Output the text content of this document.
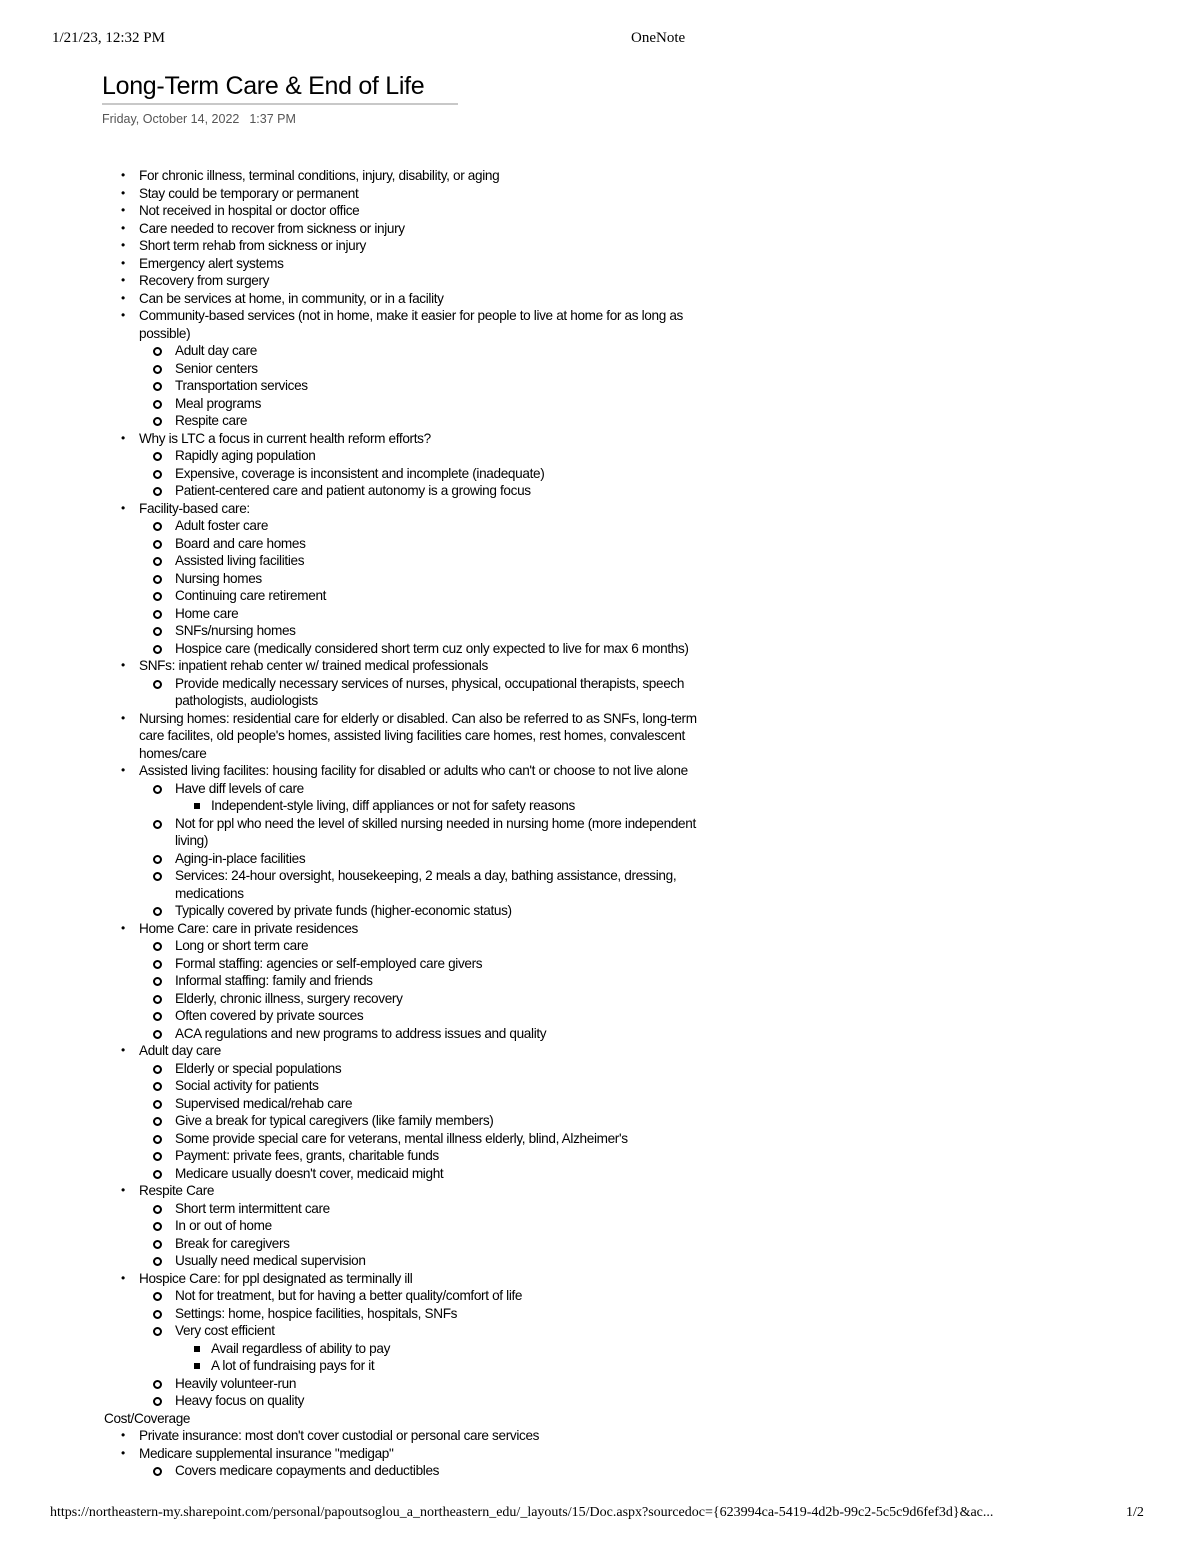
1/21/23, 12:32 PM	OneNote
Long-Term Care & End of Life
Friday, October 14, 2022 1:37 PM
• For chronic illness, terminal conditions, injury, disability, or aging
• Stay could be temporary or permanent
• Not received in hospital or doctor office
• Care needed to recover from sickness or injury
• Short term rehab from sickness or injury
• Emergency alert systems
• Recovery from surgery
• Can be services at home, in community, or in a facility
• Community-based services (not in home, make it easier for people to live at home for as long as possible)
Adult day care
Senior centers
Transportation services
Meal programs
Respite care
• Why is LTC a focus in current health reform efforts?
Rapidly aging population
Expensive, coverage is inconsistent and incomplete (inadequate)
Patient-centered care and patient autonomy is a growing focus
• Facility-based care:
Adult foster care
Board and care homes
Assisted living facilities
Nursing homes
Continuing care retirement
Home care
SNFs/nursing homes
Hospice care (medically considered short term cuz only expected to live for max 6 months)
• SNFs: inpatient rehab center w/ trained medical professionals
Provide medically necessary services of nurses, physical, occupational therapists, speech pathologists, audiologists
• Nursing homes: residential care for elderly or disabled. Can also be referred to as SNFs, long-term care facilites, old people's homes, assisted living facilities care homes, rest homes, convalescent homes/care
• Assisted living facilites: housing facility for disabled or adults who can't or choose to not live alone
Have diff levels of care
Independent-style living, diff appliances or not for safety reasons
Not for ppl who need the level of skilled nursing needed in nursing home (more independent living)
Aging-in-place facilities
Services: 24-hour oversight, housekeeping, 2 meals a day, bathing assistance, dressing, medications
Typically covered by private funds (higher-economic status)
• Home Care: care in private residences
Long or short term care
Formal staffing: agencies or self-employed care givers
Informal staffing: family and friends
Elderly, chronic illness, surgery recovery
Often covered by private sources
ACA regulations and new programs to address issues and quality
• Adult day care
Elderly or special populations
Social activity for patients
Supervised medical/rehab care
Give a break for typical caregivers (like family members)
Some provide special care for veterans, mental illness elderly, blind, Alzheimer's
Payment: private fees, grants, charitable funds
Medicare usually doesn't cover, medicaid might
• Respite Care
Short term intermittent care
In or out of home
Break for caregivers
Usually need medical supervision
• Hospice Care: for ppl designated as terminally ill
Not for treatment, but for having a better quality/comfort of life
Settings: home, hospice facilities, hospitals, SNFs
Very cost efficient
Avail regardless of ability to pay
A lot of fundraising pays for it
Heavily volunteer-run
Heavy focus on quality
Cost/Coverage
• Private insurance: most don't cover custodial or personal care services
• Medicare supplemental insurance "medigap"
Covers medicare copayments and deductibles
https://northeastern-my.sharepoint.com/personal/papoutsoglou_a_northeastern_edu/_layouts/15/Doc.aspx?sourcedoc={623994ca-5419-4d2b-99c2-5c5c9d6fef3d}&ac...	1/2
